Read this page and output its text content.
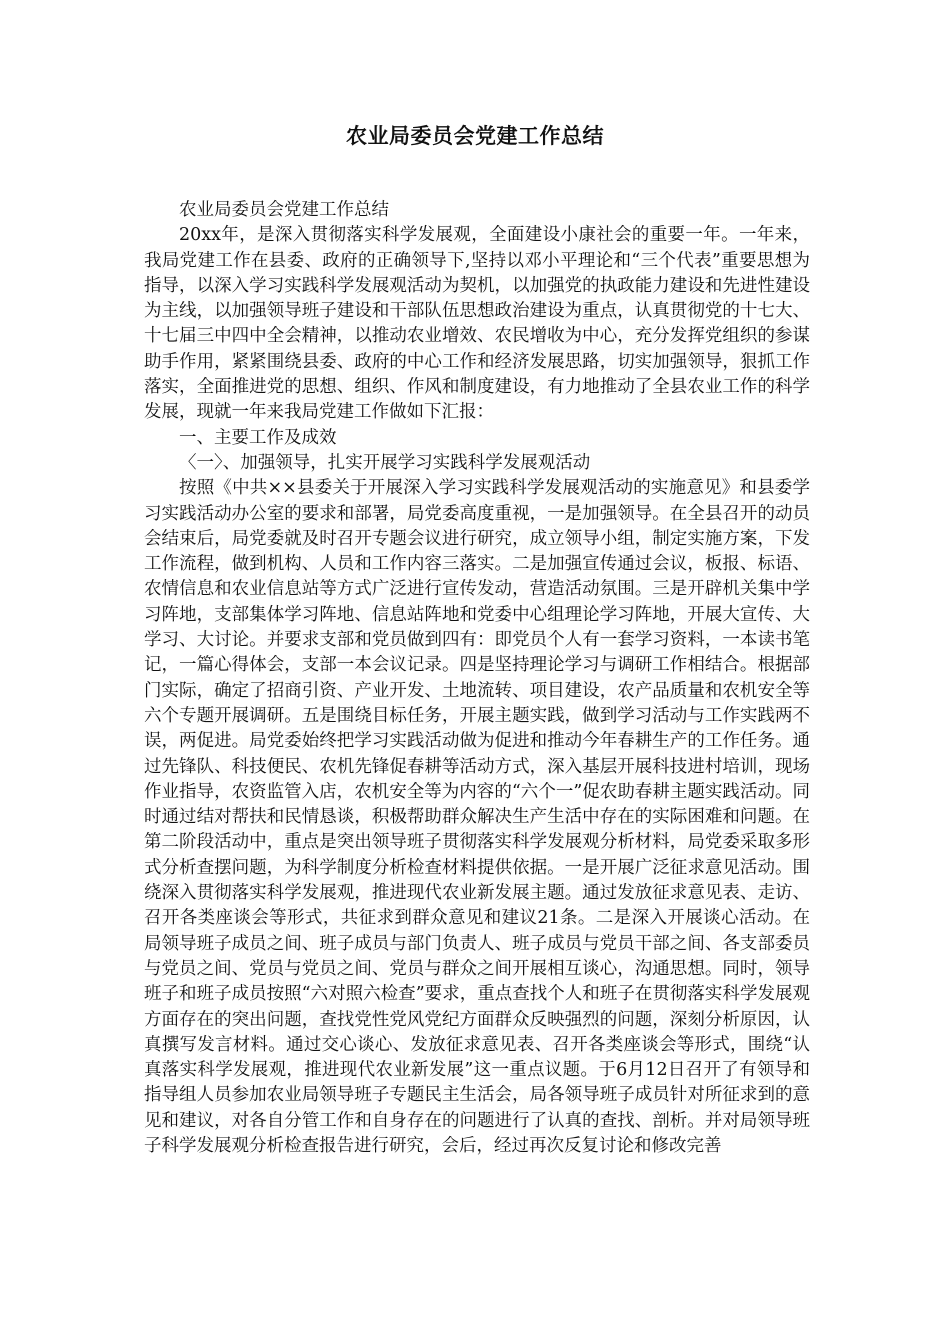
农业局委员会党建工作总结

农业局委员会党建工作总结

20xx年，是深入贯彻落实科学发展观，全面建设小康社会的重要一年。一年来，我局党建工作在县委、政府的正确领导下,坚持以邓小平理论和“三个代表”重要思想为指导，以深入学习实践科学发展观活动为契机，以加强党的执政能力建设和先进性建设为主线，以加强领导班子建设和干部队伍思想政治建设为重点，认真贯彻党的十七大、十七届三中四中全会精神，以推动农业增效、农民增收为中心，充分发挥党组织的参谋助手作用，紧紧围绕县委、政府的中心工作和经济发展思路，切实加强领导，狠抓工作落实，全面推进党的思想、组织、作风和制度建设，有力地推动了全县农业工作的科学发展，现就一年来我局党建工作做如下汇报：

一、主要工作及成效

〈一〉、加强领导，扎实开展学习实践科学发展观活动

按照《中共××县委关于开展深入学习实践科学发展观活动的实施意见》和县委学习实践活动办公室的要求和部署，局党委高度重视，一是加强领导。在全县召开的动员会结束后，局党委就及时召开专题会议进行研究，成立领导小组，制定实施方案，下发工作流程，做到机构、人员和工作内容三落实。二是加强宣传通过会议，板报、标语、农情信息和农业信息站等方式广泛进行宣传发动，营造活动氛围。三是开辟机关集中学习阵地，支部集体学习阵地、信息站阵地和党委中心组理论学习阵地，开展大宣传、大学习、大讨论。并要求支部和党员做到四有：即党员个人有一套学习资料，一本读书笔记，一篇心得体会，支部一本会议记录。四是坚持理论学习与调研工作相结合。根据部门实际，确定了招商引资、产业开发、土地流转、项目建设，农产品质量和农机安全等六个专题开展调研。五是围绕目标任务，开展主题实践，做到学习活动与工作实践两不误，两促进。局党委始终把学习实践活动做为促进和推动今年春耕生产的工作任务。通过先锋队、科技便民、农机先锋促春耕等活动方式，深入基层开展科技进村培训，现场作业指导，农资监管入店，农机安全等为内容的“六个一”促农助春耕主题实践活动。同时通过结对帮扶和民情恳谈，积极帮助群众解决生产生活中存在的实际困难和问题。在第二阶段活动中，重点是突出领导班子贯彻落实科学发展观分析材料，局党委采取多形式分析查摆问题，为科学制度分析检查材料提供依据。一是开展广泛征求意见活动。围绕深入贯彻落实科学发展观，推进现代农业新发展主题。通过发放征求意见表、走访、召开各类座谈会等形式，共征求到群众意见和建议21条。二是深入开展谈心活动。在局领导班子成员之间、班子成员与部门负责人、班子成员与党员干部之间、各支部委员与党员之间、党员与党员之间、党员与群众之间开展相互谈心，沟通思想。同时，领导班子和班子成员按照“六对照六检查”要求，重点查找个人和班子在贯彻落实科学发展观方面存在的突出问题，查找党性党风党纪方面群众反映强烈的问题，深刻分析原因，认真撰写发言材料。通过交心谈心、发放征求意见表、召开各类座谈会等形式，围绕“认真落实科学发展观，推进现代农业新发展”这一重点议题。于6月12日召开了有领导和指导组人员参加农业局领导班子专题民主生活会，局各领导班子成员针对所征求到的意见和建议，对各自分管工作和自身存在的问题进行了认真的查找、剖析。并对局领导班子科学发展观分析检查报告进行研究，会后，经过再次反复讨论和修改完善
